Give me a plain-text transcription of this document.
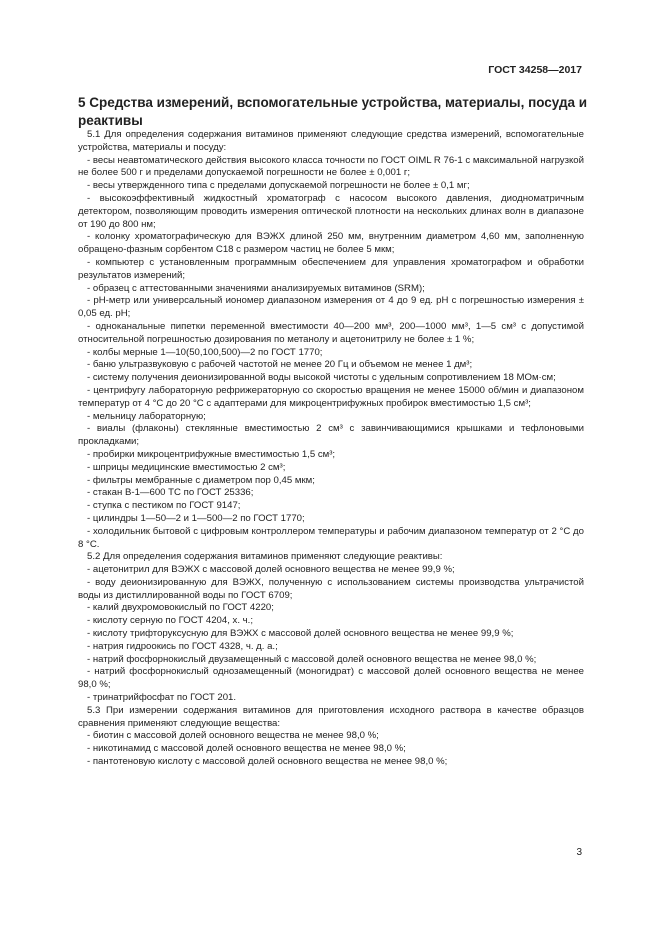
ГОСТ 34258—2017
5 Средства измерений, вспомогательные устройства, материалы, посуда и реактивы

5.1 Для определения содержания витаминов применяют следующие средства измерений, вспомогательные устройства, материалы и посуду:

- весы неавтоматического действия высокого класса точности по ГОСТ OIML R 76-1 с максимальной нагрузкой не более 500 г и пределами допускаемой погрешности не более ± 0,001 г;

- весы утвержденного типа с пределами допускаемой погрешности не более ± 0,1 мг;

- высокоэффективный жидкостный хроматограф с насосом высокого давления, диодноматричным детектором, позволяющим проводить измерения оптической плотности на нескольких длинах волн в диапазоне от 190 до 800 нм;

- колонку хроматографическую для ВЭЖХ длиной 250 мм, внутренним диаметром 4,60 мм, заполненную обращено-фазным сорбентом C18 с размером частиц не более 5 мкм;

- компьютер с установленным программным обеспечением для управления хроматографом и обработки результатов измерений;

- образец с аттестованными значениями анализируемых витаминов (SRM);

- рН-метр или универсальный иономер диапазоном измерения от 4 до 9 ед. рН с погрешностью измерения ± 0,05 ед. рН;

- одноканальные пипетки переменной вместимости 40—200 мм³, 200—1000 мм³, 1—5 см³ с допустимой относительной погрешностью дозирования по метанолу и ацетонитрилу не более ± 1 %;

- колбы мерные 1—10(50,100,500)—2 по ГОСТ 1770;

- баню ультразвуковую с рабочей частотой не менее 20 Гц и объемом не менее 1 дм³;

- систему получения деионизированной воды высокой чистоты с удельным сопротивлением 18 МОм·см;

- центрифугу лабораторную рефрижераторную со скоростью вращения не менее 15000 об/мин и диапазоном температур от 4 °С до 20 °С с адаптерами для микроцентрифужных пробирок вместимостью 1,5 см³;

- мельницу лабораторную;

- виалы (флаконы) стеклянные вместимостью 2 см³ с завинчивающимися крышками и тефлоновыми прокладками;

- пробирки микроцентрифужные вместимостью 1,5 см³;

- шприцы медицинские вместимостью 2 см³;

- фильтры мембранные с диаметром пор 0,45 мкм;

- стакан В-1—600 ТС по ГОСТ 25336;

- ступка с пестиком по ГОСТ 9147;

- цилиндры 1—50—2 и 1—500—2 по ГОСТ 1770;

- холодильник бытовой с цифровым контроллером температуры и рабочим диапазоном температур от 2 °С до 8 °С.

5.2 Для определения содержания витаминов применяют следующие реактивы:

- ацетонитрил для ВЭЖХ с массовой долей основного вещества не менее 99,9 %;

- воду деионизированную для ВЭЖХ, полученную с использованием системы производства ультрачистой воды из дистиллированной воды по ГОСТ 6709;

- калий двухромовокислый по ГОСТ 4220;

- кислоту серную по ГОСТ 4204, х. ч.;

- кислоту трифторуксусную для ВЭЖХ с массовой долей основного вещества не менее 99,9 %;

- натрия гидроокись по ГОСТ 4328, ч. д. а.;

- натрий фосфорнокислый двузамещенный с массовой долей основного вещества не менее 98,0 %;

- натрий фосфорнокислый однозамещенный (моногидрат) с массовой долей основного вещества не менее 98,0 %;

- тринатрийфосфат по ГОСТ 201.

5.3 При измерении содержания витаминов для приготовления исходного раствора в качестве образцов сравнения применяют следующие вещества:

- биотин с массовой долей основного вещества не менее 98,0 %;

- никотинамид с массовой долей основного вещества не менее 98,0 %;

- пантотеновую кислоту с массовой долей основного вещества не менее 98,0 %;

3
